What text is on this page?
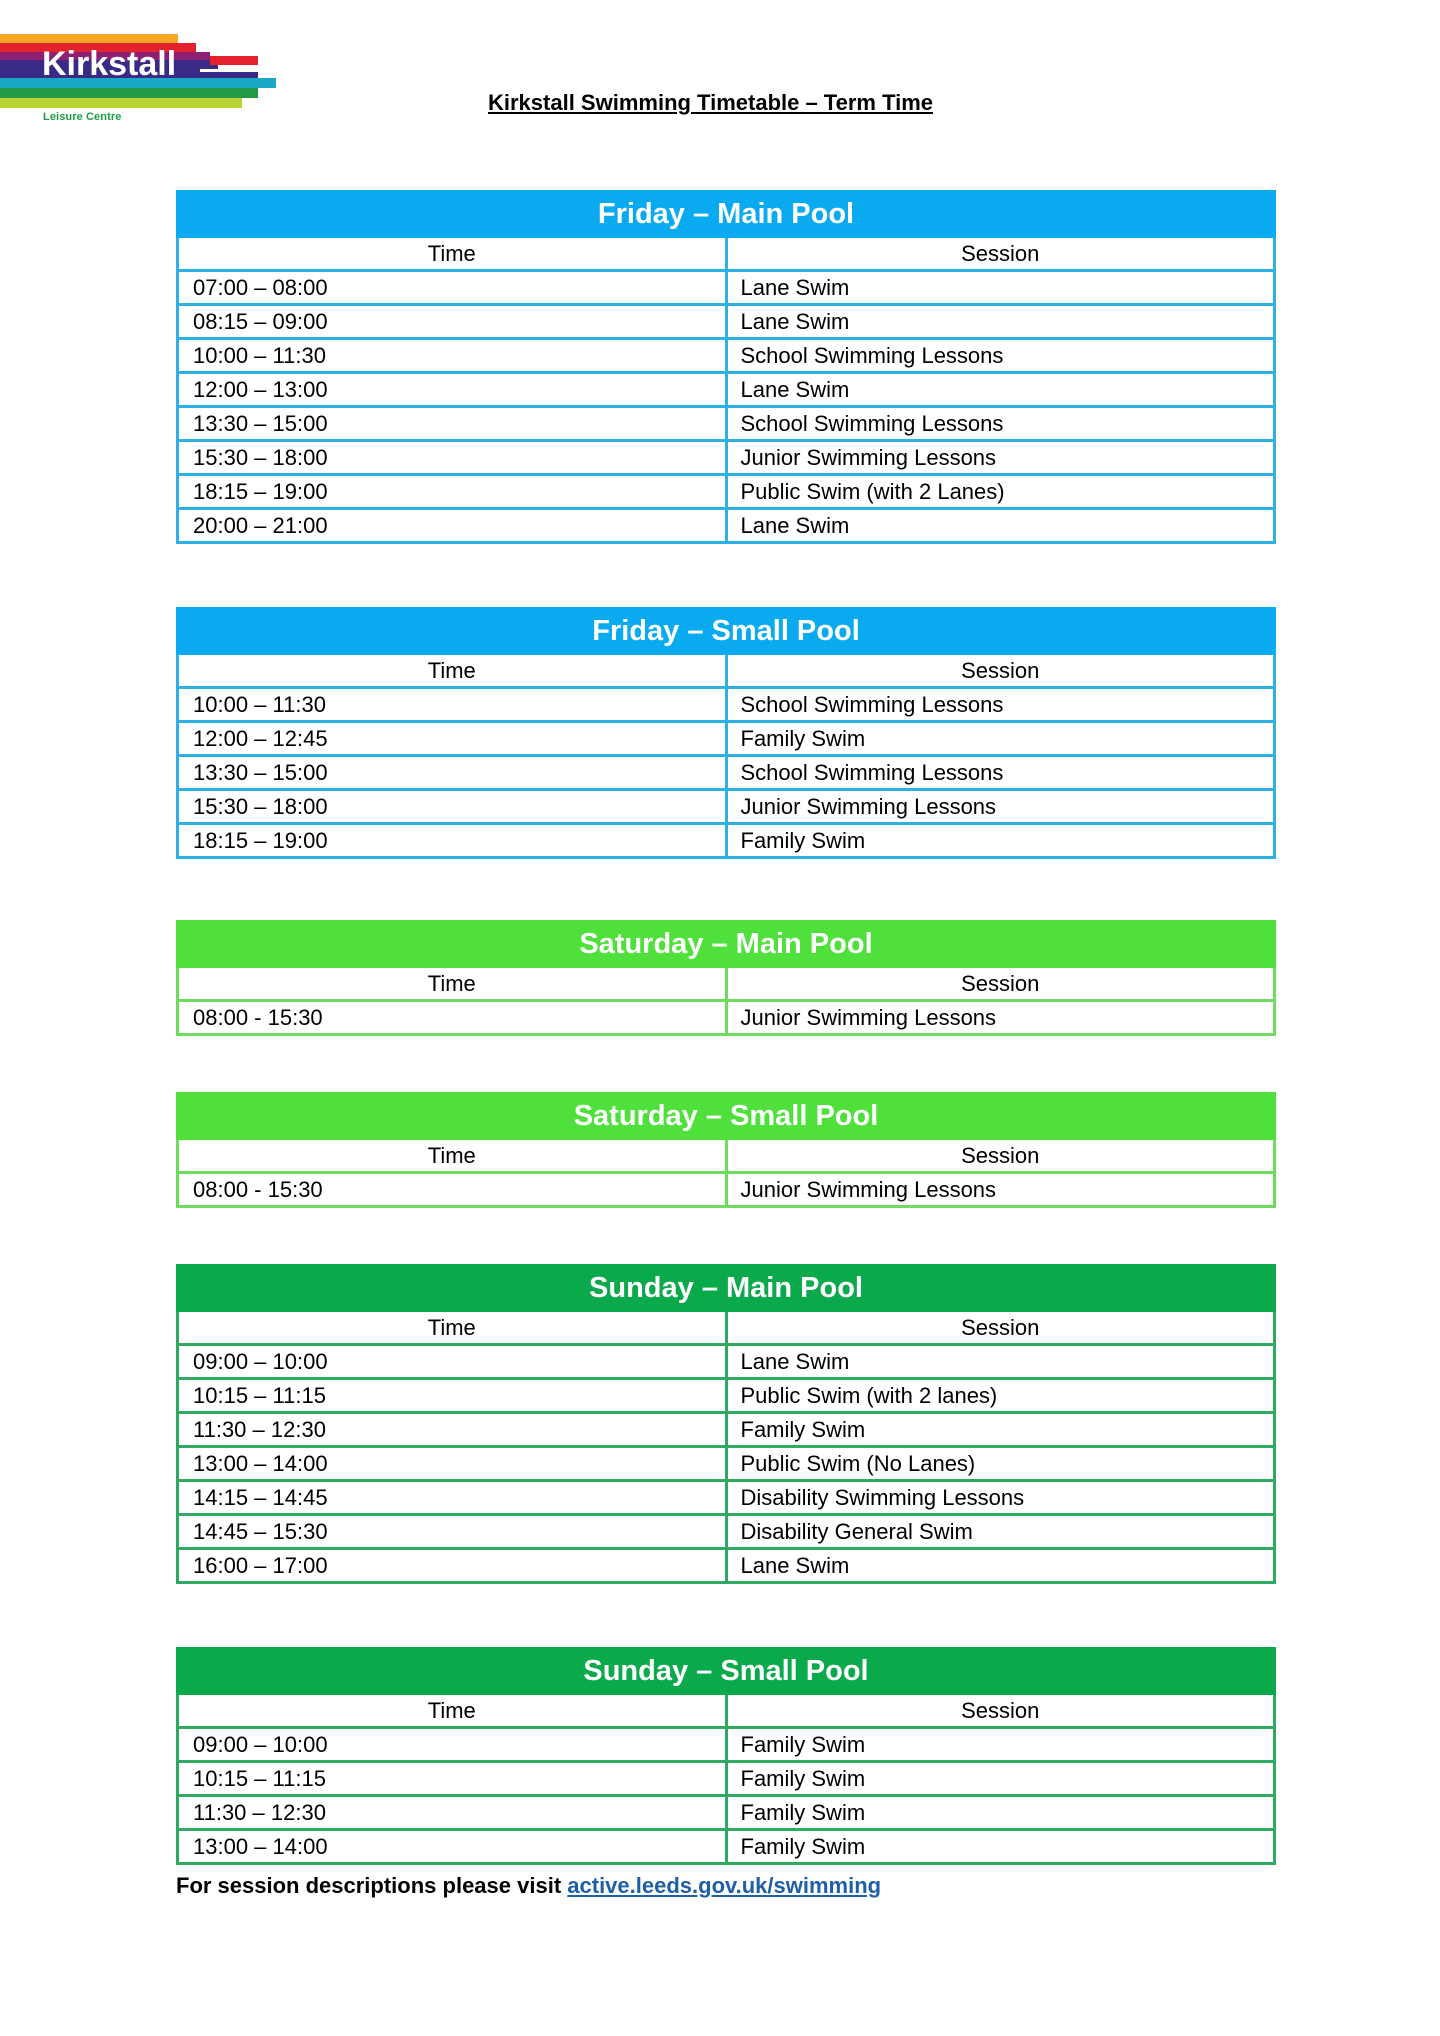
Kirkstall
Leisure Centre
Kirkstall Swimming Timetable – Term Time
Friday – Main Pool	
Time	Session
07:00 – 08:00	Lane Swim
08:15 – 09:00	Lane Swim
10:00 – 11:30	School Swimming Lessons
12:00 – 13:00	Lane Swim
13:30 – 15:00	School Swimming Lessons
15:30 – 18:00	Junior Swimming Lessons
18:15 – 19:00	Public Swim (with 2 Lanes)
20:00 – 21:00	Lane Swim
Friday – Small Pool	
Time	Session
10:00 – 11:30	School Swimming Lessons
12:00 – 12:45	Family Swim
13:30 – 15:00	School Swimming Lessons
15:30 – 18:00	Junior Swimming Lessons
18:15 – 19:00	Family Swim
Saturday – Main Pool	
Time	Session
08:00 - 15:30	Junior Swimming Lessons
Saturday – Small Pool	
Time	Session
08:00 - 15:30	Junior Swimming Lessons
Sunday – Main Pool	
Time	Session
09:00 – 10:00	Lane Swim
10:15 – 11:15	Public Swim (with 2 lanes)
11:30 – 12:30	Family Swim
13:00 – 14:00	Public Swim (No Lanes)
14:15 – 14:45	Disability Swimming Lessons
14:45 – 15:30	Disability General Swim
16:00 – 17:00	Lane Swim
Sunday – Small Pool	
Time	Session
09:00 – 10:00	Family Swim
10:15 – 11:15	Family Swim
11:30 – 12:30	Family Swim
13:00 – 14:00	Family Swim
For session descriptions please visit active.leeds.gov.uk/swimming
